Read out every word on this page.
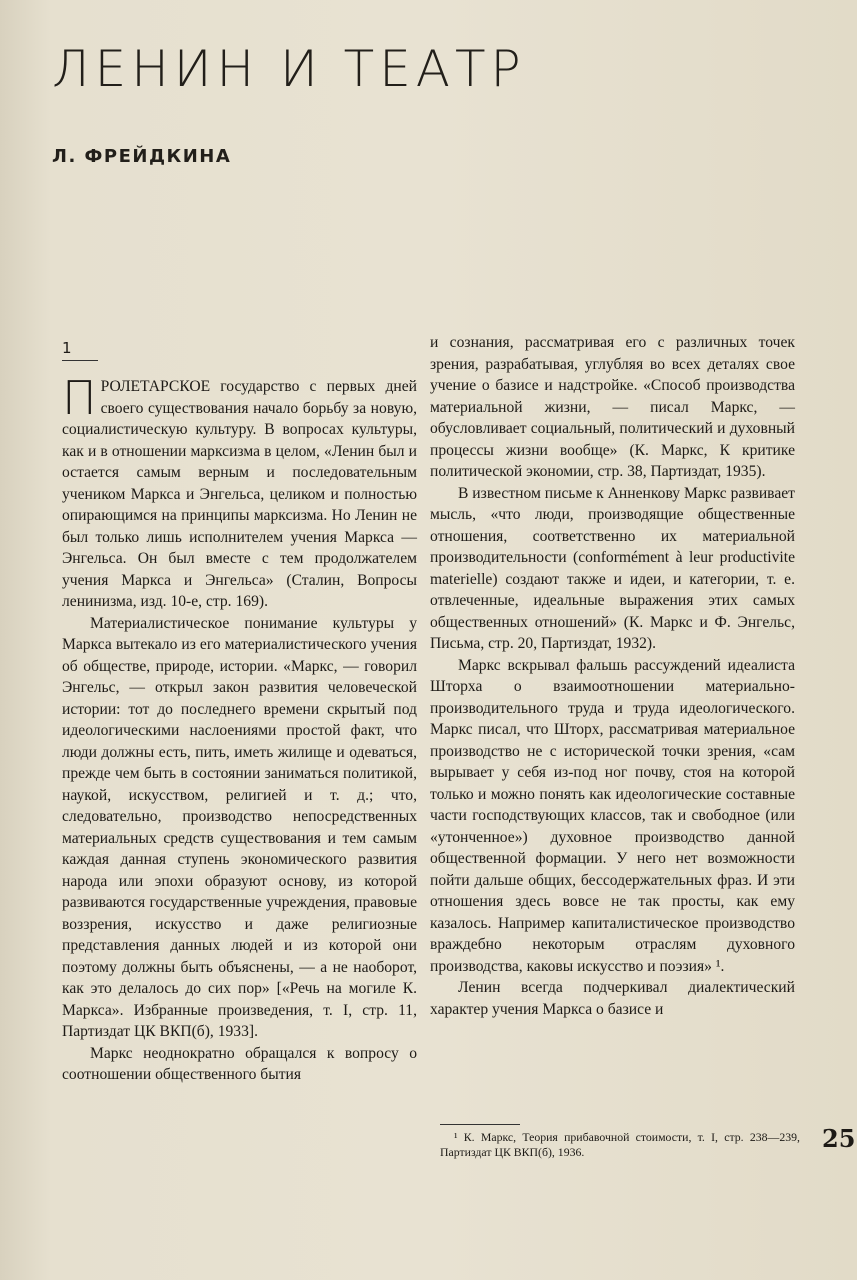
ЛЕНИН И ТЕАТР
Л. ФРЕЙДКИНА
1

ПРОЛЕТАРСКОЕ государство с первых дней своего существования начало борьбу за новую, социалистическую культуру. В вопросах культуры, как и в отношении марксизма в целом, «Ленин был и остается самым верным и последовательным учеником Маркса и Энгельса, целиком и полностью опирающимся на принципы марксизма. Но Ленин не был только лишь исполнителем учения Маркса — Энгельса. Он был вместе с тем продолжателем учения Маркса и Энгельса» (Сталин, Вопросы ленинизма, изд. 10-е, стр. 169).

Материалистическое понимание культуры у Маркса вытекало из его материалистического учения об обществе, природе, истории. «Маркс, — говорил Энгельс, — открыл закон развития человеческой истории: тот до последнего времени скрытый под идеологическими наслоениями простой факт, что люди должны есть, пить, иметь жилище и одеваться, прежде чем быть в состоянии заниматься политикой, наукой, искусством, религией и т. д.; что, следовательно, производство непосредственных материальных средств существования и тем самым каждая данная ступень экономического развития народа или эпохи образуют основу, из которой развиваются государственные учреждения, правовые воззрения, искусство и даже религиозные представления данных людей и из которой они поэтому должны быть объяснены, — а не наоборот, как это делалось до сих пор» [«Речь на могиле К. Маркса». Избранные произведения, т. I, стр. 11, Партиздат ЦК ВКП(б), 1933].

Маркс неоднократно обращался к вопросу о соотношении общественного бытия

и сознания, рассматривая его с различных точек зрения, разрабатывая, углубляя во всех деталях свое учение о базисе и надстройке. «Способ производства материальной жизни, — писал Маркс, — обусловливает социальный, политический и духовный процессы жизни вообще» (К. Маркс, К критике политической экономии, стр. 38, Партиздат, 1935).

В известном письме к Анненкову Маркс развивает мысль, «что люди, производящие общественные отношения, соответственно их материальной производительности (conformément à leur productivite materielle) создают также и идеи, и категории, т. е. отвлеченные, идеальные выражения этих самых общественных отношений» (К. Маркс и Ф. Энгельс, Письма, стр. 20, Партиздат, 1932).

Маркс вскрывал фальшь рассуждений идеалиста Шторха о взаимоотношении материально-производительного труда и труда идеологического. Маркс писал, что Шторх, рассматривая материальное производство не с исторической точки зрения, «сам вырывает у себя из-под ног почву, стоя на которой только и можно понять как идеологические составные части господствующих классов, так и свободное (или «утонченное») духовное производство данной общественной формации. У него нет возможности пойти дальше общих, бессодержательных фраз. И эти отношения здесь вовсе не так просты, как ему казалось. Например капиталистическое производство враждебно некоторым отраслям духовного производства, каковы искусство и поэзия» ¹.

Ленин всегда подчеркивал диалектический характер учения Маркса о базисе и

¹ К. Маркс, Теория прибавочной стоимости, т. I, стр. 238—239, Партиздат ЦК ВКП(б), 1936.	25
